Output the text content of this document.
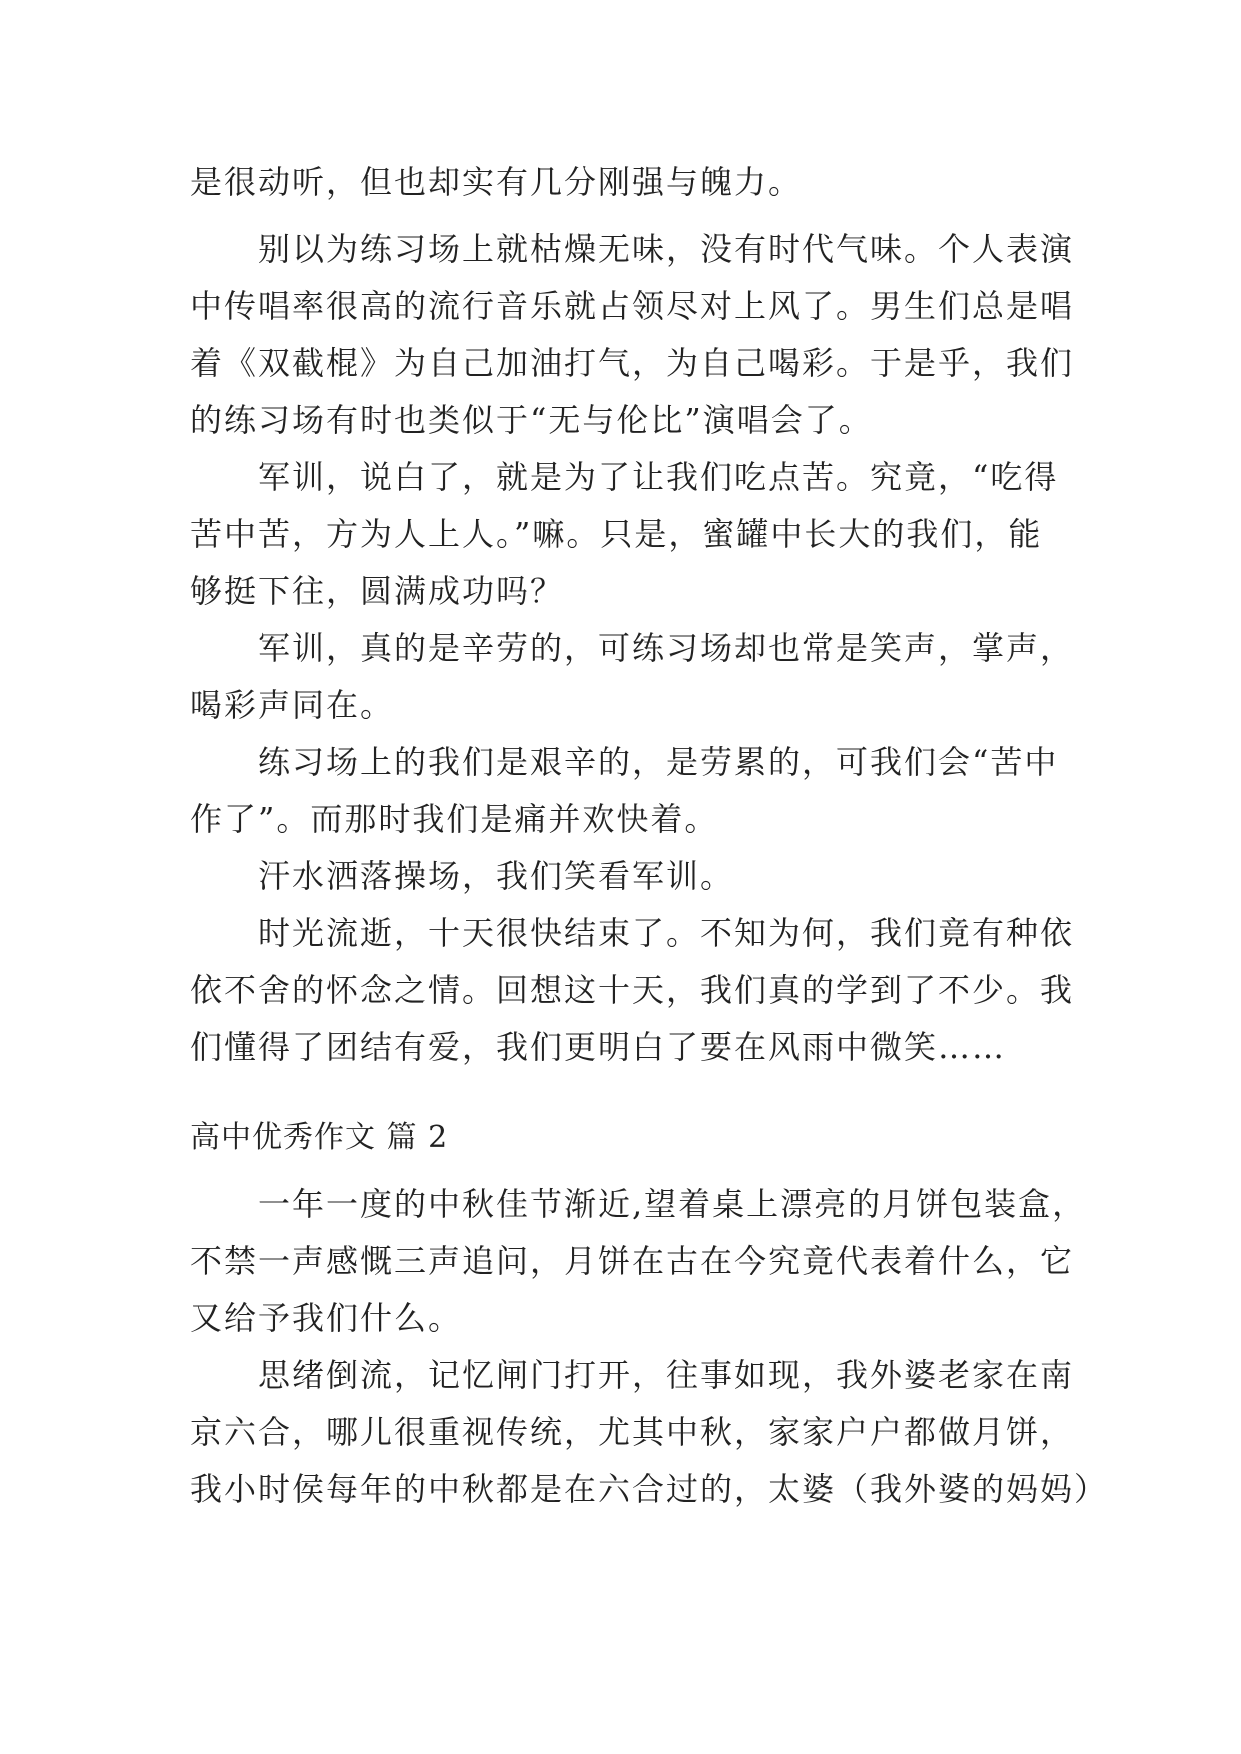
是很动听，但也却实有几分刚强与魄力。
别以为练习场上就枯燥无味，没有时代气味。个人表演
中传唱率很高的流行音乐就占领尽对上风了。男生们总是唱
着《双截棍》为自己加油打气，为自己喝彩。于是乎，我们
的练习场有时也类似于“无与伦比”演唱会了。
军训，说白了，就是为了让我们吃点苦。究竟，“吃得
苦中苦，方为人上人。”嘛。只是，蜜罐中长大的我们，能
够挺下往，圆满成功吗？
军训，真的是辛劳的，可练习场却也常是笑声，掌声，
喝彩声同在。
练习场上的我们是艰辛的，是劳累的，可我们会“苦中
作了”。而那时我们是痛并欢快着。
汗水洒落操场，我们笑看军训。
时光流逝，十天很快结束了。不知为何，我们竟有种依
依不舍的怀念之情。回想这十天，我们真的学到了不少。我
们懂得了团结有爱，我们更明白了要在风雨中微笑……
高中优秀作文 篇 2
一年一度的中秋佳节渐近,望着桌上漂亮的月饼包装盒，
不禁一声感慨三声追问，月饼在古在今究竟代表着什么，它
又给予我们什么。
思绪倒流，记忆闸门打开，往事如现，我外婆老家在南
京六合，哪儿很重视传统，尤其中秋，家家户户都做月饼，
我小时侯每年的中秋都是在六合过的，太婆（我外婆的妈妈）
